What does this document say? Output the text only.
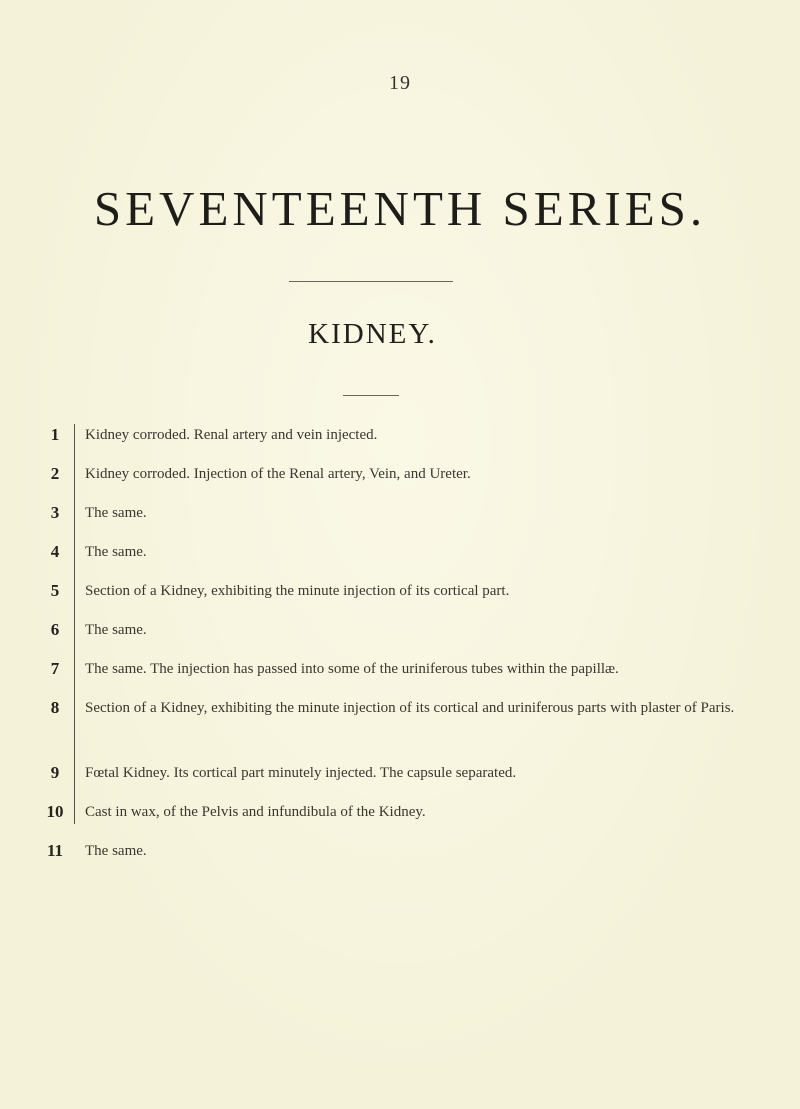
19
SEVENTEENTH SERIES.
KIDNEY.
1	Kidney corroded. Renal artery and vein injected.
2	Kidney corroded. Injection of the Renal artery, Vein, and Ureter.
3	The same.
4	The same.
5	Section of a Kidney, exhibiting the minute injection of its cortical part.
6	The same.
7	The same. The injection has passed into some of the uriniferous tubes within the papillæ.
8	Section of a Kidney, exhibiting the minute injection of its cortical and uriniferous parts with plaster of Paris.
9	Fœtal Kidney. Its cortical part minutely injected. The capsule separated.
10	Cast in wax, of the Pelvis and infundibula of the Kidney.
11	The same.
